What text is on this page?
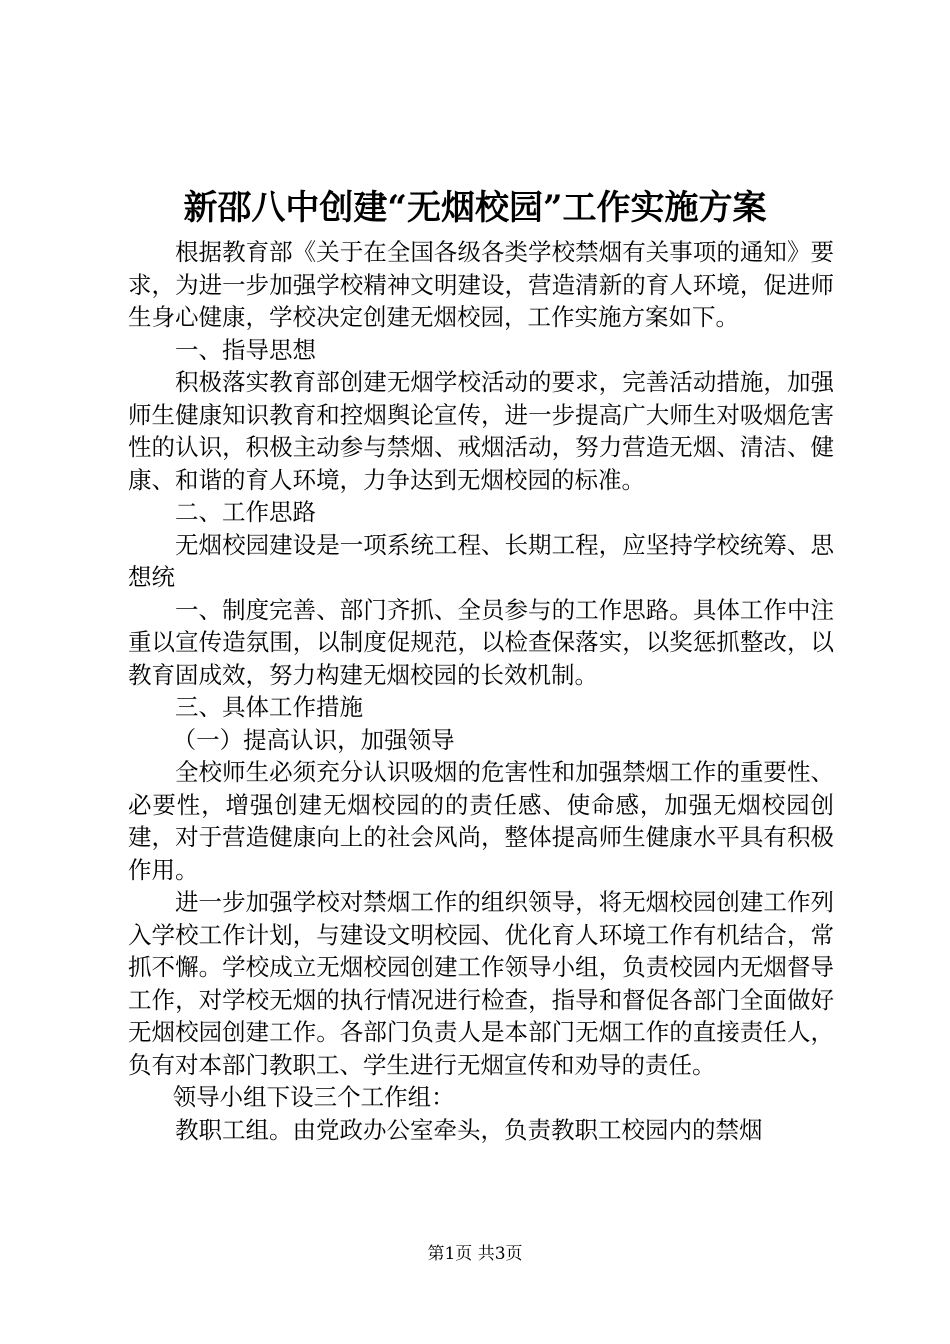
新邵八中创建“无烟校园”工作实施方案

根据教育部《关于在全国各级各类学校禁烟有关事项的通知》要求，为进一步加强学校精神文明建设，营造清新的育人环境，促进师生身心健康，学校决定创建无烟校园，工作实施方案如下。

一、指导思想

积极落实教育部创建无烟学校活动的要求，完善活动措施，加强师生健康知识教育和控烟舆论宣传，进一步提高广大师生对吸烟危害性的认识，积极主动参与禁烟、戒烟活动，努力营造无烟、清洁、健康、和谐的育人环境，力争达到无烟校园的标准。

二、工作思路

无烟校园建设是一项系统工程、长期工程，应坚持学校统筹、思想统

一、制度完善、部门齐抓、全员参与的工作思路。具体工作中注重以宣传造氛围，以制度促规范，以检查保落实，以奖惩抓整改，以教育固成效，努力构建无烟校园的长效机制。

三、具体工作措施

（一）提高认识，加强领导

全校师生必须充分认识吸烟的危害性和加强禁烟工作的重要性、必要性，增强创建无烟校园的的责任感、使命感，加强无烟校园创建，对于营造健康向上的社会风尚，整体提高师生健康水平具有积极作用。

进一步加强学校对禁烟工作的组织领导，将无烟校园创建工作列入学校工作计划，与建设文明校园、优化育人环境工作有机结合，常抓不懈。学校成立无烟校园创建工作领导小组，负责校园内无烟督导工作，对学校无烟的执行情况进行检查，指导和督促各部门全面做好无烟校园创建工作。各部门负责人是本部门无烟工作的直接责任人，负有对本部门教职工、学生进行无烟宣传和劝导的责任。

领导小组下设三个工作组：

教职工组。由党政办公室牵头，负责教职工校园内的禁烟

第1页 共3页
